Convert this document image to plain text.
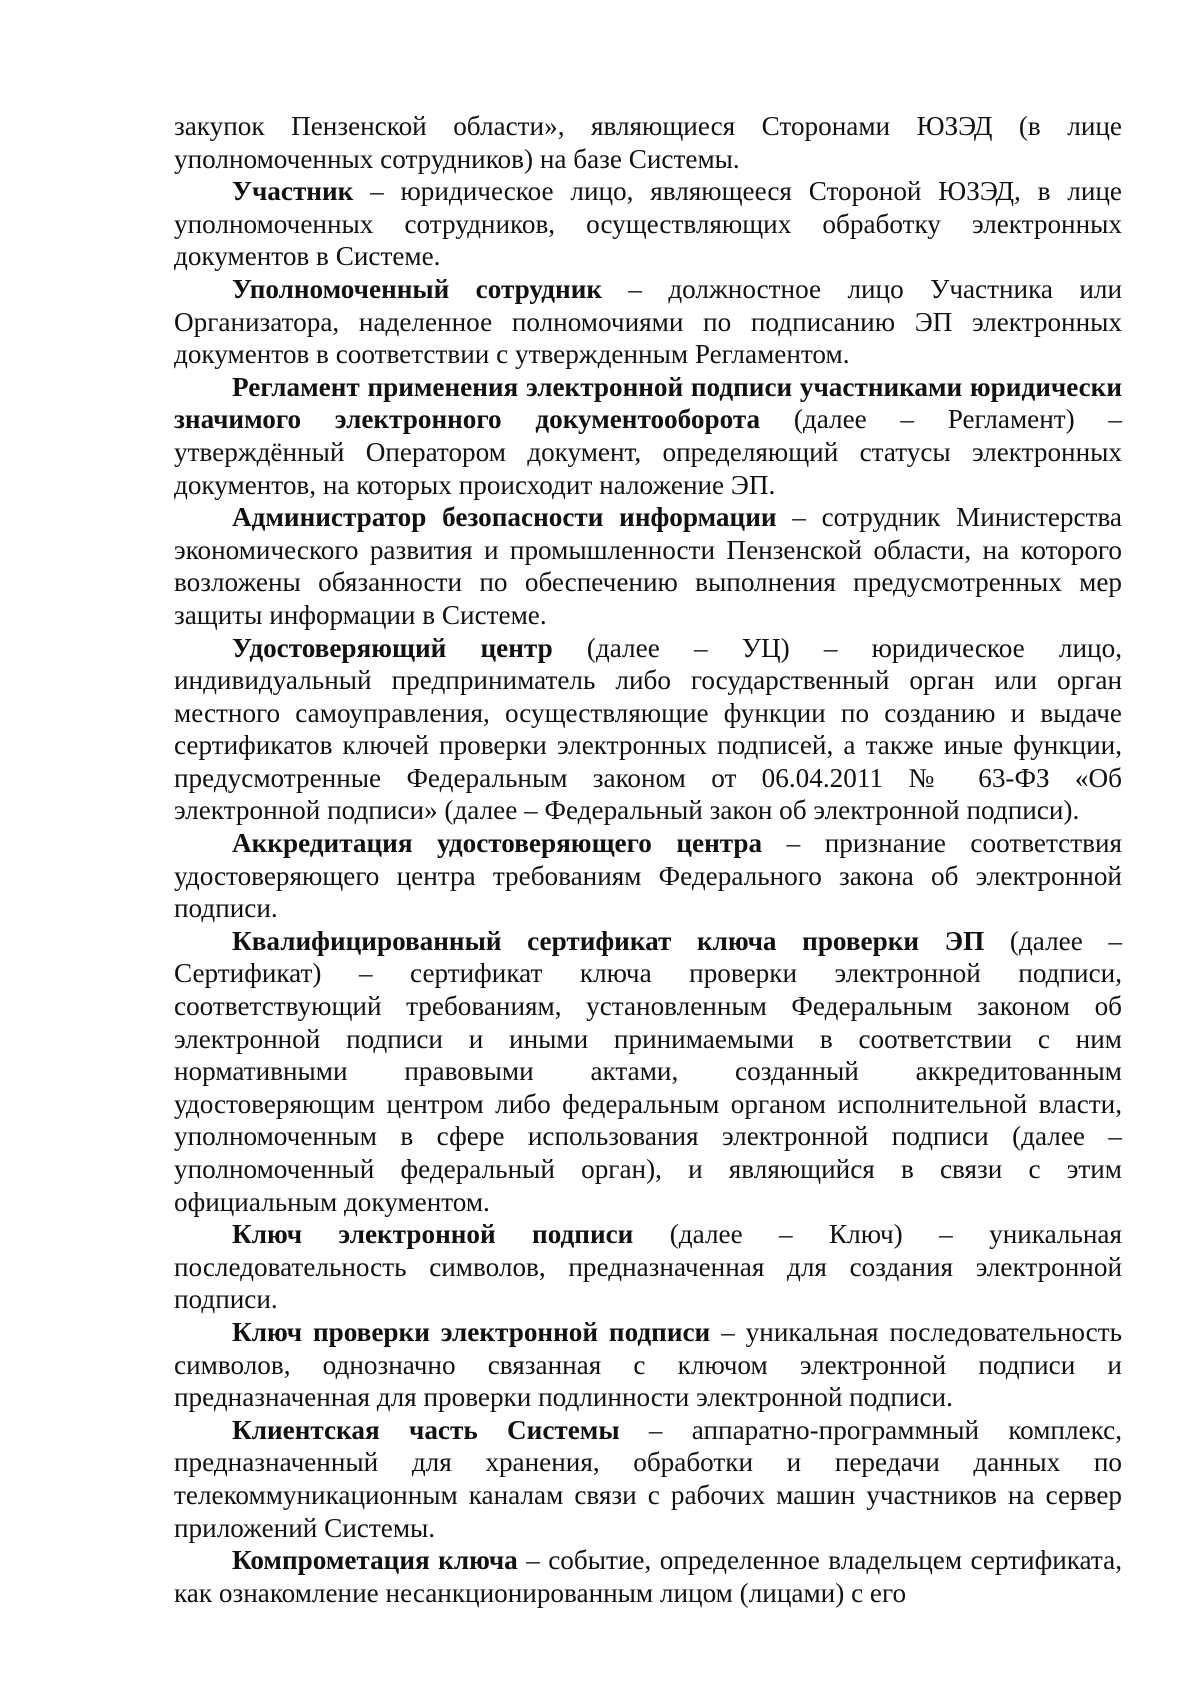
закупок Пензенской области», являющиеся Сторонами ЮЗЭД (в лице уполномоченных сотрудников) на базе Системы.

Участник – юридическое лицо, являющееся Стороной ЮЗЭД, в лице уполномоченных сотрудников, осуществляющих обработку электронных документов в Системе.

Уполномоченный сотрудник – должностное лицо Участника или Организатора, наделенное полномочиями по подписанию ЭП электронных документов в соответствии с утвержденным Регламентом.

Регламент применения электронной подписи участниками юридически значимого электронного документооборота (далее – Регламент) – утверждённый Оператором документ, определяющий статусы электронных документов, на которых происходит наложение ЭП.

Администратор безопасности информации – сотрудник Министерства экономического развития и промышленности Пензенской области, на которого возложены обязанности по обеспечению выполнения предусмотренных мер защиты информации в Системе.

Удостоверяющий центр (далее – УЦ) – юридическое лицо, индивидуальный предприниматель либо государственный орган или орган местного самоуправления, осуществляющие функции по созданию и выдаче сертификатов ключей проверки электронных подписей, а также иные функции, предусмотренные Федеральным законом от 06.04.2011 № 63-ФЗ «Об электронной подписи» (далее – Федеральный закон об электронной подписи).

Аккредитация удостоверяющего центра – признание соответствия удостоверяющего центра требованиям Федерального закона об электронной подписи.

Квалифицированный сертификат ключа проверки ЭП (далее – Сертификат) – сертификат ключа проверки электронной подписи, соответствующий требованиям, установленным Федеральным законом об электронной подписи и иными принимаемыми в соответствии с ним нормативными правовыми актами, созданный аккредитованным удостоверяющим центром либо федеральным органом исполнительной власти, уполномоченным в сфере использования электронной подписи (далее – уполномоченный федеральный орган), и являющийся в связи с этим официальным документом.

Ключ электронной подписи (далее – Ключ) – уникальная последовательность символов, предназначенная для создания электронной подписи.

Ключ проверки электронной подписи – уникальная последовательность символов, однозначно связанная с ключом электронной подписи и предназначенная для проверки подлинности электронной подписи.

Клиентская часть Системы – аппаратно-программный комплекс, предназначенный для хранения, обработки и передачи данных по телекоммуникационным каналам связи с рабочих машин участников на сервер приложений Системы.

Компрометация ключа – событие, определенное владельцем сертификата, как ознакомление несанкционированным лицом (лицами) с его
